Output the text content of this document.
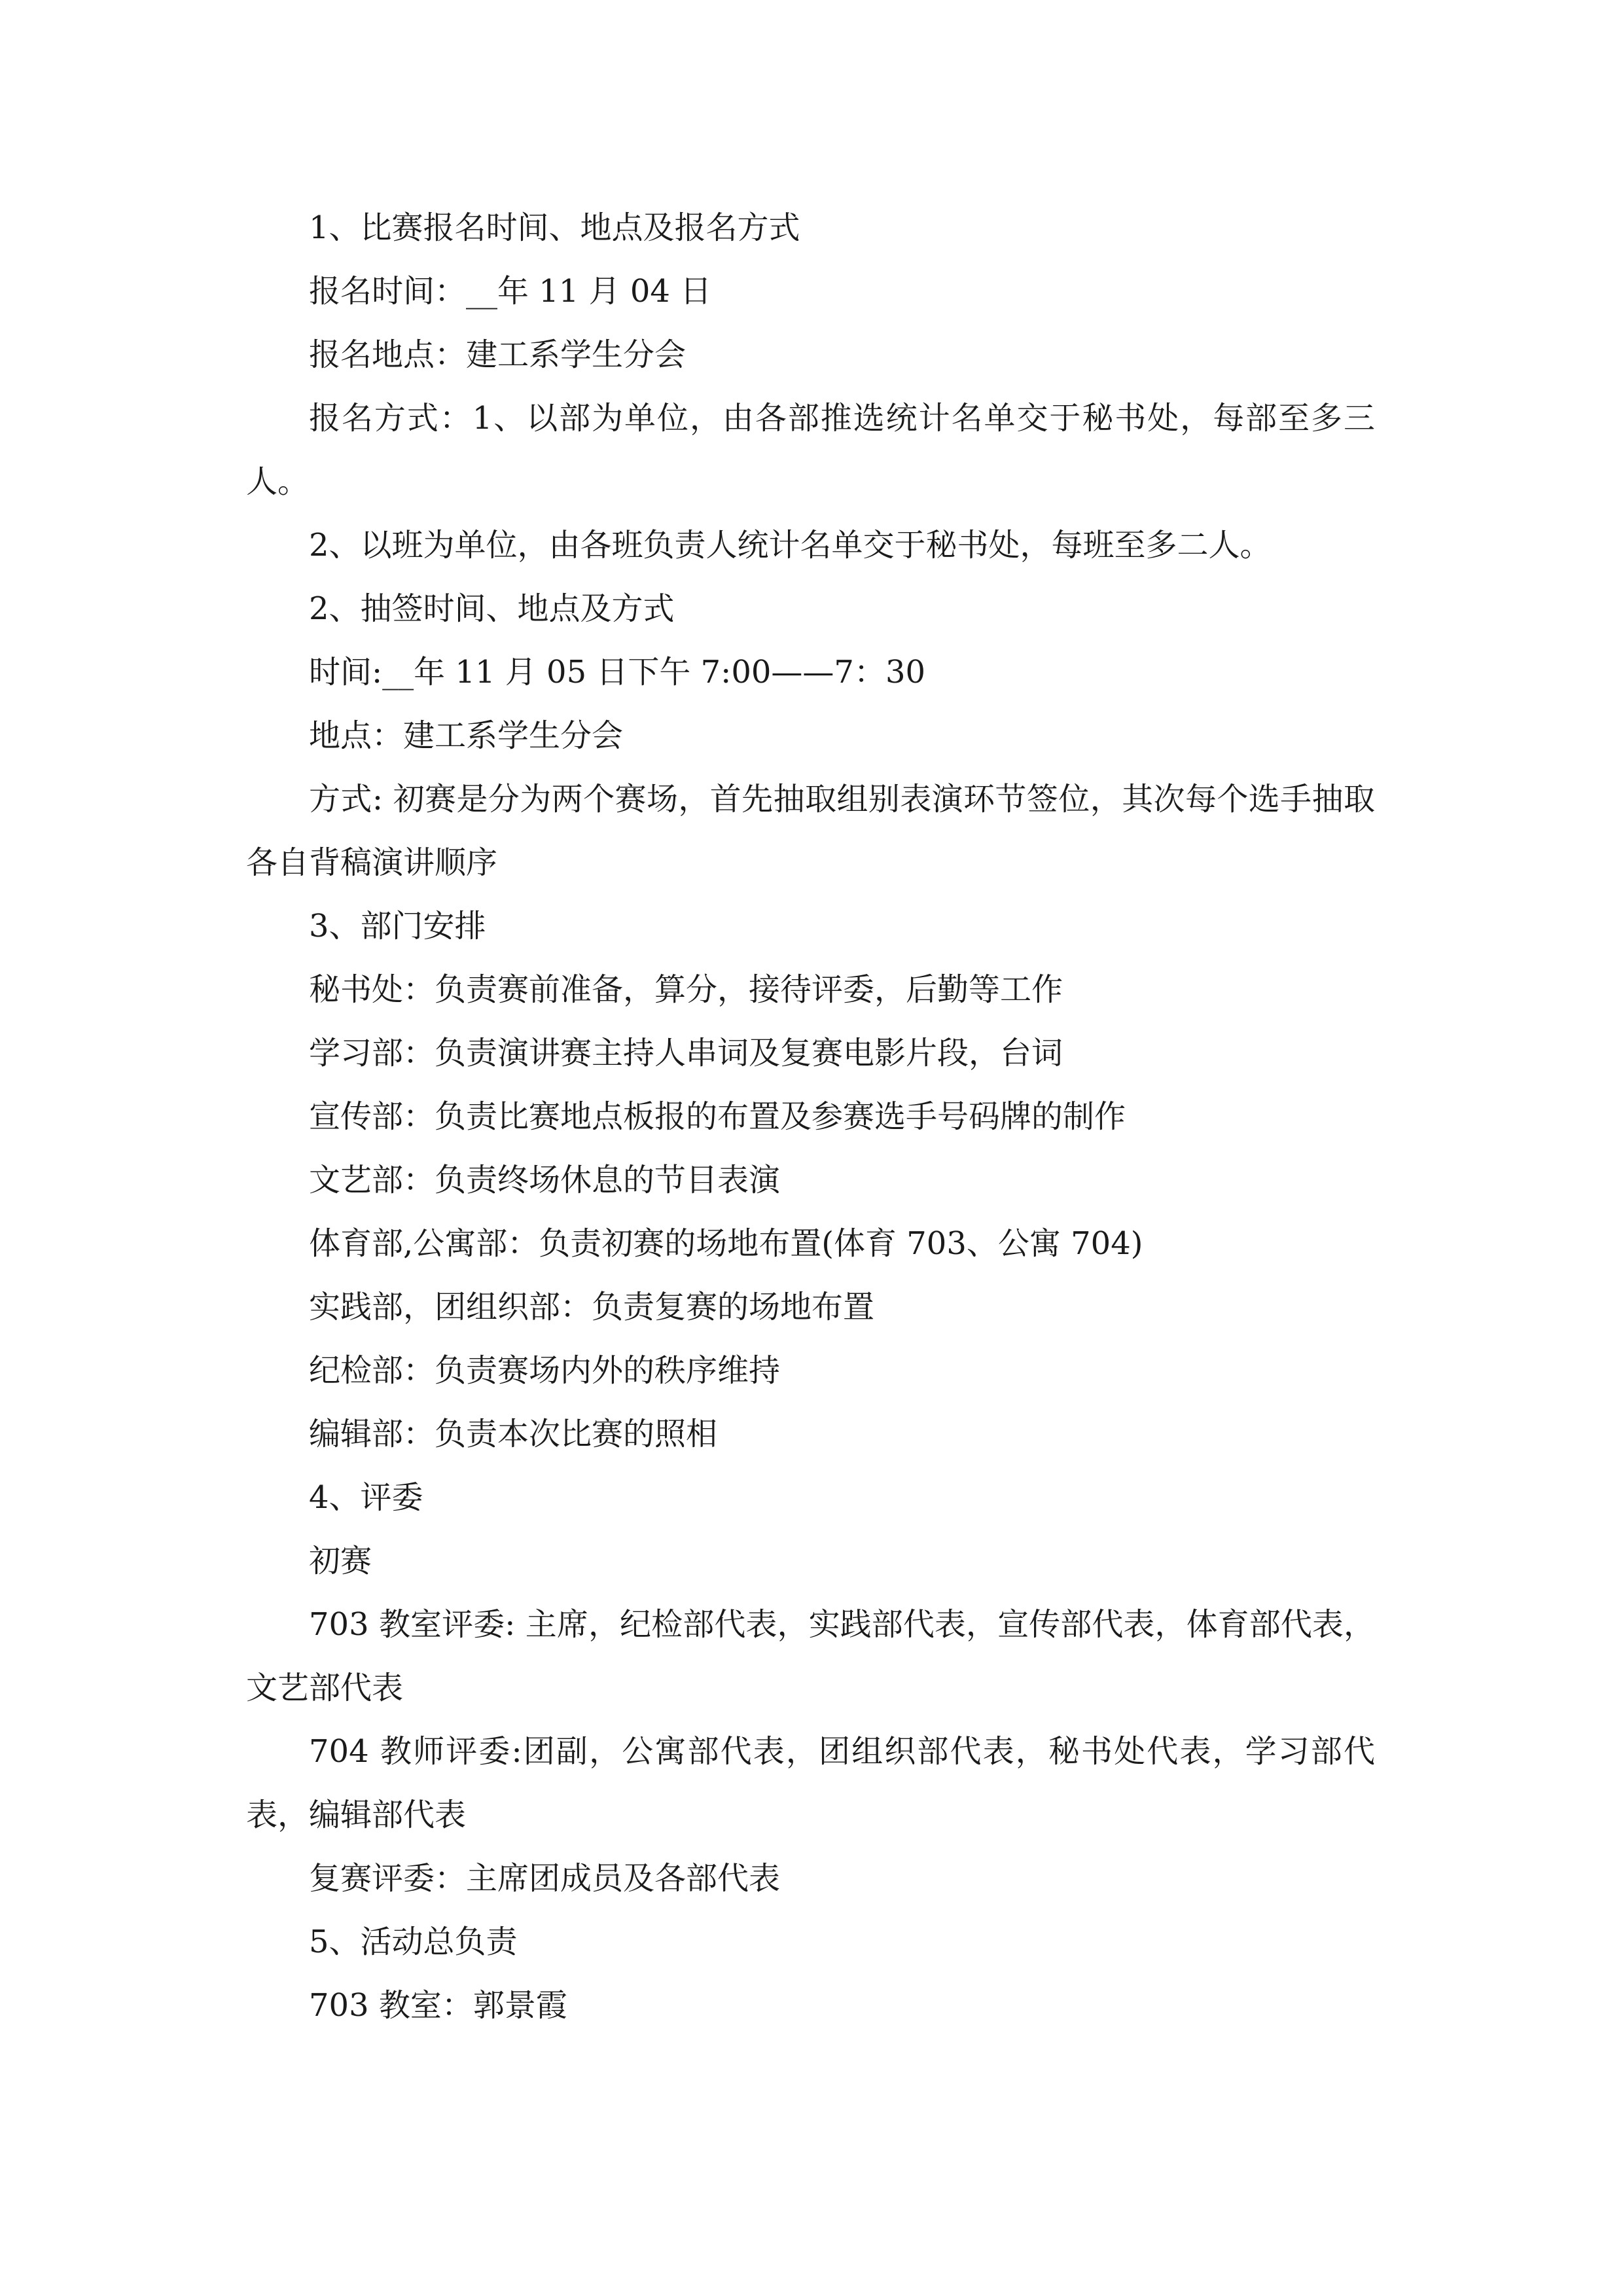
1、比赛报名时间、地点及报名方式

报名时间：__年 11 月 04 日

报名地点：建工系学生分会

报名方式：1、以部为单位，由各部推选统计名单交于秘书处，每部至多三人。

2、以班为单位，由各班负责人统计名单交于秘书处，每班至多二人。

2、抽签时间、地点及方式

时间:__年 11 月 05 日下午 7:00——7：30

地点：建工系学生分会

方式: 初赛是分为两个赛场，首先抽取组别表演环节签位，其次每个选手抽取各自背稿演讲顺序

3、部门安排

秘书处：负责赛前准备，算分，接待评委，后勤等工作

学习部：负责演讲赛主持人串词及复赛电影片段，台词

宣传部：负责比赛地点板报的布置及参赛选手号码牌的制作

文艺部：负责终场休息的节目表演

体育部,公寓部：负责初赛的场地布置(体育 703、公寓 704)

实践部，团组织部：负责复赛的场地布置

纪检部：负责赛场内外的秩序维持

编辑部：负责本次比赛的照相

4、评委

初赛

703 教室评委: 主席，纪检部代表，实践部代表，宣传部代表，体育部代表，文艺部代表

704 教师评委:团副，公寓部代表，团组织部代表，秘书处代表，学习部代表，编辑部代表

复赛评委：主席团成员及各部代表

5、活动总负责

703 教室：郭景霞
